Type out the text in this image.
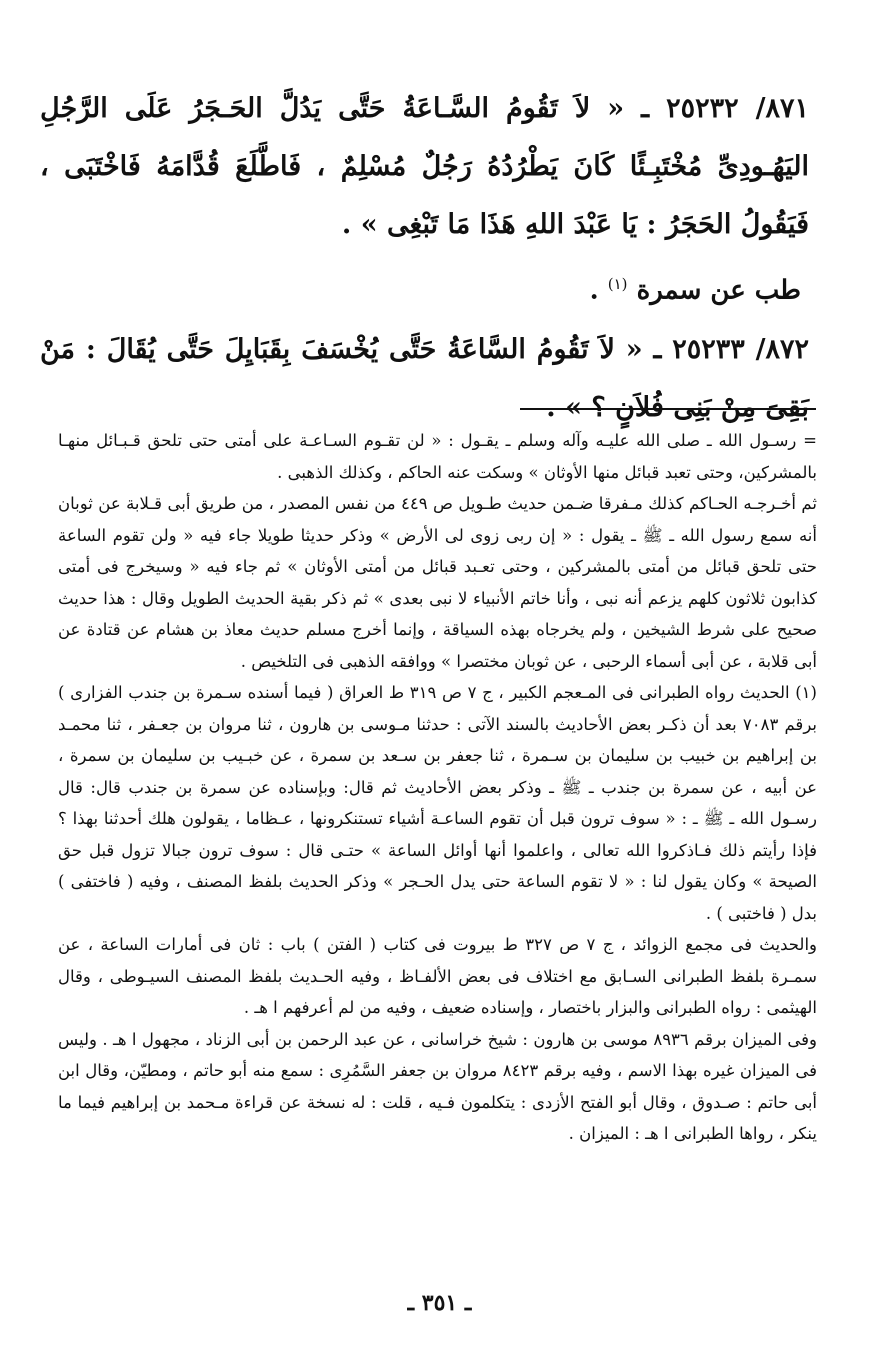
٨٧١/ ٢٥٢٣٢ ـ « لاَ تَقُومُ السَّـاعَةُ حَتَّى يَدُلَّ الحَـجَرُ عَلَى الرَّجُلِ اليَهُـودِىِّ مُخْتَبِـئًا كَانَ يَطْرُدُهُ رَجُلٌ مُسْلِمٌ ، فَاطَّلَعَ قُدَّامَهُ فَاخْتَبَى ، فَيَقُولُ الحَجَرُ : يَا عَبْدَ اللهِ هَذَا مَا تَبْغِى » .

طب عن سمرة $^{(١)}$ .

٨٧٢/ ٢٥٢٣٣ ـ « لاَ تَقُومُ السَّاعَةُ حَتَّى يُخْسَفَ بِقَبَايِلَ حَتَّى يُقَالَ : مَنْ بَقِىَ مِنْ بَنِى فُلاَنٍ ؟ » .

= رسـول الله ـ صلى الله عليـه وآله وسلم ـ يقـول : « لن تقـوم السـاعـة على أمتى حتى تلحق قـبـائل منهـا بالمشركين، وحتى تعبد قبائل منها الأوثان » وسكت عنه الحاكم ، وكذلك الذهبى .

ثم أخـرجـه الحـاكم كذلك مـفرقا ضـمن حديث طـويل ص ٤٤٩ من نفس المصدر ، من طريق أبى قـلابة عن ثوبان أنه سمع رسول الله ـ ﷺ ـ يقول : « إن ربى زوى لى الأرض » وذكر حديثا طويلا جاء فيه « ولن تقوم الساعة حتى تلحق قبائل من أمتى بالمشركين ، وحتى تعـبد قبائل من أمتى الأوثان » ثم جاء فيه « وسيخرج فى أمتى كذابون ثلاثون كلهم يزعم أنه نبى ، وأنا خاتم الأنبياء لا نبى بعدى » ثم ذكر بقية الحديث الطويل وقال : هذا حديث صحيح على شرط الشيخين ، ولم يخرجاه بهذه السياقة ، وإنما أخرج مسلم حديث معاذ بن هشام عن قتادة عن أبى قلابة ، عن أبى أسماء الرحبى ، عن ثوبان مختصرا » ووافقه الذهبى فى التلخيص .

(١) الحديث رواه الطبرانى فى المـعجم الكبير ، ج ٧ ص ٣١٩ ط العراق ( فيما أسنده سـمرة بن جندب الفزارى ) برقم ٧٠٨٣ بعد أن ذكـر بعض الأحاديث بالسند الآتى : حدثنا مـوسى بن هارون ، ثنا مروان بن جعـفر ، ثنا محمـد بن إبراهيم بن خبيب بن سليمان بن سـمرة ، ثنا جعفر بن سـعد بن سمرة ، عن خبـيب بن سليمان بن سمرة ، عن أبيه ، عن سمرة بن جندب ـ ﷺ ـ وذكر بعض الأحاديث ثم قال: وبإسناده عن سمرة بن جندب قال: قال رسـول الله ـ ﷺ ـ : « سوف ترون قبل أن تقوم الساعـة أشياء تستنكرونها ، عـظاما ، يقولون هلك أحدثنا بهذا ؟ فإذا رأيتم ذلك فـاذكروا الله تعالى ، واعلموا أنها أوائل الساعة » حتـى قال : سوف ترون جبالا تزول قبل حق الصيحة » وكان يقول لنا : « لا تقوم الساعة حتى يدل الحـجر » وذكر الحديث بلفظ المصنف ، وفيه ( فاختفى ) بدل ( فاختبى ) .

والحديث فى مجمع الزوائد ، ج ٧ ص ٣٢٧ ط بيروت فى كتاب ( الفتن ) باب : ثان فى أمارات الساعة ، عن سمـرة بلفظ الطبرانى السـابق مع اختلاف فى بعض الألفـاظ ، وفيه الحـديث بلفظ المصنف السيـوطى ، وقال الهيثمى : رواه الطبرانى والبزار باختصار ، وإسناده ضعيف ، وفيه من لم أعرفهم ا هـ .

وفى الميزان برقم ٨٩٣٦ موسى بن هارون : شيخ خراسانى ، عن عبد الرحمن بن أبى الزناد ، مجهول ا هـ . وليس فى الميزان غيره بهذا الاسم ، وفيه برقم ٨٤٢٣ مروان بن جعفر السَّمُرِى : سمع منه أبو حاتم ، ومطيّن، وقال ابن أبى حاتم : صـدوق ، وقال أبو الفتح الأزدى : يتكلمون فـيه ، قلت : له نسخة عن قراءة مـحمد بن إبراهيم فيما ما ينكر ، رواها الطبرانى ا هـ : الميزان .

ـ ٣٥١ ـ
